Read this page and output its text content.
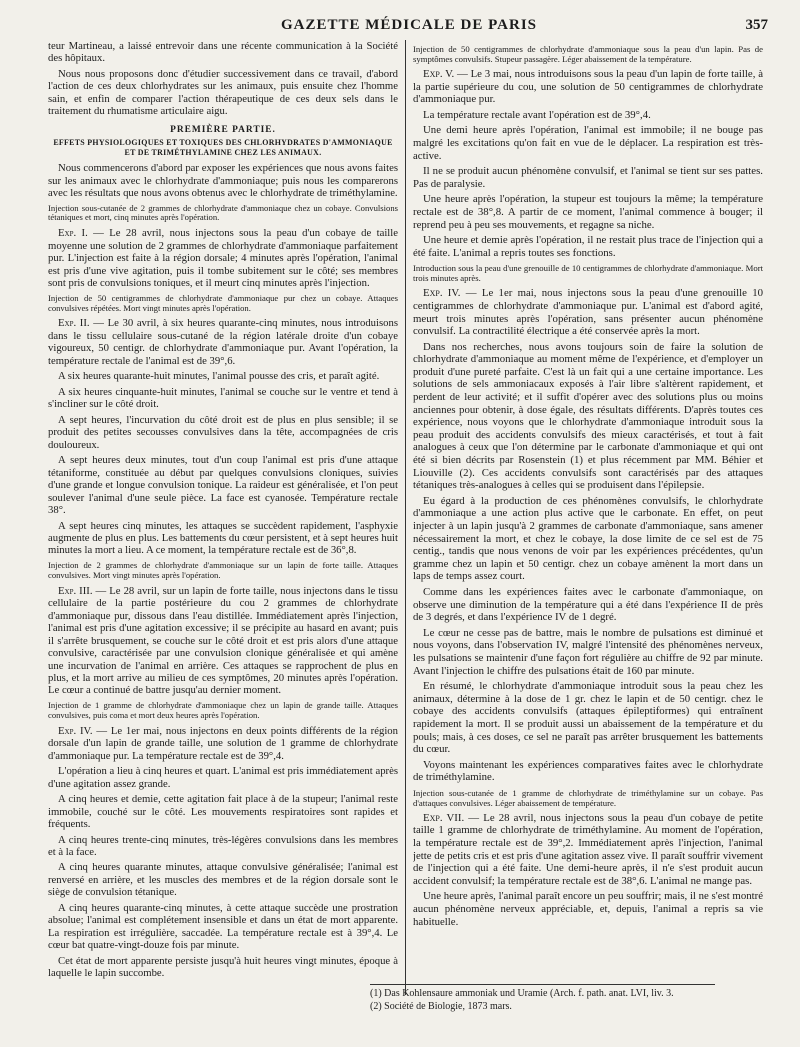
GAZETTE MÉDICALE DE PARIS	357

teur Martineau, a laissé entrevoir dans une récente communication à la Société des hôpitaux.

Nous nous proposons donc d'étudier successivement dans ce travail, d'abord l'action de ces deux chlorhydrates sur les animaux, puis ensuite chez l'homme sain, et enfin de comparer l'action thérapeutique de ces deux sels dans le traitement du rhumatisme articulaire aigu.

PREMIÈRE PARTIE.

EFFETS PHYSIOLOGIQUES ET TOXIQUES DES CHLORHYDRATES D'AMMONIAQUE ET DE TRIMÉTHYLAMINE CHEZ LES ANIMAUX.

Nous commencerons d'abord par exposer les expériences que nous avons faites sur les animaux avec le chlorhydrate d'ammoniaque; puis nous les comparerons avec les résultats que nous avons obtenus avec le chlorhydrate de triméthylamine.

Injection sous-cutanée de 2 grammes de chlorhydrate d'ammoniaque chez un cobaye. Convulsions tétaniques et mort, cinq minutes après l'opération.

Exp. I. — Le 28 avril, nous injectons sous la peau d'un cobaye de taille moyenne une solution de 2 grammes de chlorhydrate d'ammoniaque parfaitement pur. L'injection est faite à la région dorsale; 4 minutes après l'opération, l'animal est pris d'une vive agitation, puis il tombe subitement sur le côté; ses membres sont pris de convulsions toniques, et il meurt cinq minutes après l'injection.

Injection de 50 centigrammes de chlorhydrate d'ammoniaque pur chez un cobaye. Attaques convulsives répétées. Mort vingt minutes après l'opération.

Exp. II. — Le 30 avril, à six heures quarante-cinq minutes, nous introduisons dans le tissu cellulaire sous-cutané de la région latérale droite d'un cobaye vigoureux, 50 centigr. de chlorhydrate d'ammoniaque pur. Avant l'opération, la température rectale de l'animal est de 39°,6.

A six heures quarante-huit minutes, l'animal pousse des cris, et paraît agité.

A six heures cinquante-huit minutes, l'animal se couche sur le ventre et tend à s'incliner sur le côté droit.

A sept heures, l'incurvation du côté droit est de plus en plus sensible; il se produit des petites secousses convulsives dans la tête, accompagnées de cris douloureux.

A sept heures deux minutes, tout d'un coup l'animal est pris d'une attaque tétaniforme, constituée au début par quelques convulsions cloniques, suivies d'une grande et longue convulsion tonique. La raideur est généralisée, et l'on peut soulever l'animal d'une seule pièce. La face est cyanosée. Température rectale 38°.

A sept heures cinq minutes, les attaques se succèdent rapidement, l'asphyxie augmente de plus en plus. Les battements du cœur persistent, et à sept heures huit minutes la mort a lieu. A ce moment, la température rectale est de 36°,8.

Injection de 2 grammes de chlorhydrate d'ammoniaque sur un lapin de forte taille. Attaques convulsives. Mort vingt minutes après l'opération.

Exp. III. — Le 28 avril, sur un lapin de forte taille, nous injectons dans le tissu cellulaire de la partie postérieure du cou 2 grammes de chlorhydrate d'ammoniaque pur, dissous dans l'eau distillée. Immédiatement après l'injection, l'animal est pris d'une agitation excessive; il se précipite au hasard en avant; puis il s'arrête brusquement, se couche sur le côté droit et est pris alors d'une attaque convulsive, caractérisée par une convulsion clonique généralisée et qui amène une incurvation de l'animal en arrière. Ces attaques se rapprochent de plus en plus, et la mort arrive au milieu de ces symptômes, 20 minutes après l'opération. Le cœur a continué de battre jusqu'au dernier moment.

Injection de 1 gramme de chlorhydrate d'ammoniaque chez un lapin de grande taille. Attaques convulsives, puis coma et mort deux heures après l'opération.

Exp. IV. — Le 1er mai, nous injectons en deux points différents de la région dorsale d'un lapin de grande taille, une solution de 1 gramme de chlorhydrate d'ammoniaque pur. La température rectale est de 39°,4.

L'opération a lieu à cinq heures et quart. L'animal est pris immédiatement après d'une agitation assez grande.

A cinq heures et demie, cette agitation fait place à de la stupeur; l'animal reste immobile, couché sur le côté. Les mouvements respiratoires sont rapides et fréquents.

A cinq heures trente-cinq minutes, très-légères convulsions dans les membres et à la face.

A cinq heures quarante minutes, attaque convulsive généralisée; l'animal est renversé en arrière, et les muscles des membres et de la région dorsale sont le siège de convulsion tétanique.

A cinq heures quarante-cinq minutes, à cette attaque succède une prostration absolue; l'animal est complétement insensible et dans un état de mort apparente. La respiration est irrégulière, saccadée. La température rectale est à 39°,4. Le cœur bat quatre-vingt-douze fois par minute.

Cet état de mort apparente persiste jusqu'à huit heures vingt minutes, époque à laquelle le lapin succombe.

Injection de 50 centigrammes de chlorhydrate d'ammoniaque sous la peau d'un lapin. Pas de symptômes convulsifs. Stupeur passagère. Léger abaissement de la température.

Exp. V. — Le 3 mai, nous introduisons sous la peau d'un lapin de forte taille, à la partie supérieure du cou, une solution de 50 centigrammes de chlorhydrate d'ammoniaque pur.

La température rectale avant l'opération est de 39°,4.

Une demi heure après l'opération, l'animal est immobile; il ne bouge pas malgré les excitations qu'on fait en vue de le déplacer. La respiration est très-active.

Il ne se produit aucun phénomène convulsif, et l'animal se tient sur ses pattes. Pas de paralysie.

Une heure après l'opération, la stupeur est toujours la même; la température rectale est de 38°,8. A partir de ce moment, l'animal commence à bouger; il reprend peu à peu ses mouvements, et regagne sa niche.

Une heure et demie après l'opération, il ne restait plus trace de l'injection qui a été faite. L'animal a repris toutes ses fonctions.

Introduction sous la peau d'une grenouille de 10 centigrammes de chlorhydrate d'ammoniaque. Mort trois minutes après.

Exp. IV. — Le 1er mai, nous injectons sous la peau d'une grenouille 10 centigrammes de chlorhydrate d'ammoniaque pur. L'animal est d'abord agité, meurt trois minutes après l'opération, sans présenter aucun phénomène convulsif. La contractilité électrique a été conservée après la mort.

Dans nos recherches, nous avons toujours soin de faire la solution de chlorhydrate d'ammoniaque au moment même de l'expérience, et d'employer un produit d'une pureté parfaite. C'est là un fait qui a une certaine importance. Les solutions de sels ammoniacaux exposés à l'air libre s'altèrent rapidement, et perdent de leur activité; et il suffit d'opérer avec des solutions plus ou moins anciennes pour obtenir, à dose égale, des résultats différents. D'après toutes ces expérience, nous voyons que le chlorhydrate d'ammoniaque introduit sous la peau produit des accidents convulsifs des mieux caractérisés, et tout à fait analogues à ceux que l'on détermine par le carbonate d'ammoniaque et qui ont été si bien décrits par Rosenstein (1) et plus récemment par MM. Béhier et Liouville (2). Ces accidents convulsifs sont caractérisés par des attaques tétaniques très-analogues à celles qui se produisent dans l'épilepsie.

Eu égard à la production de ces phénomènes convulsifs, le chlorhydrate d'ammoniaque a une action plus active que le carbonate. En effet, on peut injecter à un lapin jusqu'à 2 grammes de carbonate d'ammoniaque, sans amener nécessairement la mort, et chez le cobaye, la dose limite de ce sel est de 75 centig., tandis que nous venons de voir par les expériences précédentes, qu'un gramme chez un lapin et 50 centigr. chez un cobaye amènent la mort dans un laps de temps assez court.

Comme dans les expériences faites avec le carbonate d'ammoniaque, on observe une diminution de la température qui a été dans l'expérience II de près de 3 degrés, et dans l'expérience IV de 1 degré.

Le cœur ne cesse pas de battre, mais le nombre de pulsations est diminué et nous voyons, dans l'observation IV, malgré l'intensité des phénomènes nerveux, les pulsations se maintenir d'une façon fort régulière au chiffre de 92 par minute. Avant l'injection le chiffre des pulsations était de 160 par minute.

En résumé, le chlorhydrate d'ammoniaque introduit sous la peau chez les animaux, détermine à la dose de 1 gr. chez le lapin et de 50 centigr. chez le cobaye des accidents convulsifs (attaques épileptiformes) qui entraînent rapidement la mort. Il se produit aussi un abaissement de la température et du pouls; mais, à ces doses, ce sel ne paraît pas arrêter brusquement les battements du cœur.

Voyons maintenant les expériences comparatives faites avec le chlorhydrate de triméthylamine.

Injection sous-cutanée de 1 gramme de chlorhydrate de triméthylamine sur un cobaye. Pas d'attaques convulsives. Léger abaissement de température.

Exp. VII. — Le 28 avril, nous injectons sous la peau d'un cobaye de petite taille 1 gramme de chlorhydrate de triméthylamine. Au moment de l'opération, la température rectale est de 39°,2. Immédiatement après l'injection, l'animal jette de petits cris et est pris d'une agitation assez vive. Il paraît souffrir vivement de l'injection qui a été faite. Une demi-heure après, il n'e s'est produit aucun accident convulsif; la température rectale est de 38°,6. L'animal ne mange pas.

Une heure après, l'animal paraît encore un peu souffrir; mais, il ne s'est montré aucun phénomène nerveux appréciable, et, depuis, l'animal a repris sa vie habituelle.

(1) Das Kohlensaure ammoniak und Uramie (Arch. f. path. anat. LVI, liv. 3.

(2) Société de Biologie, 1873 mars.
